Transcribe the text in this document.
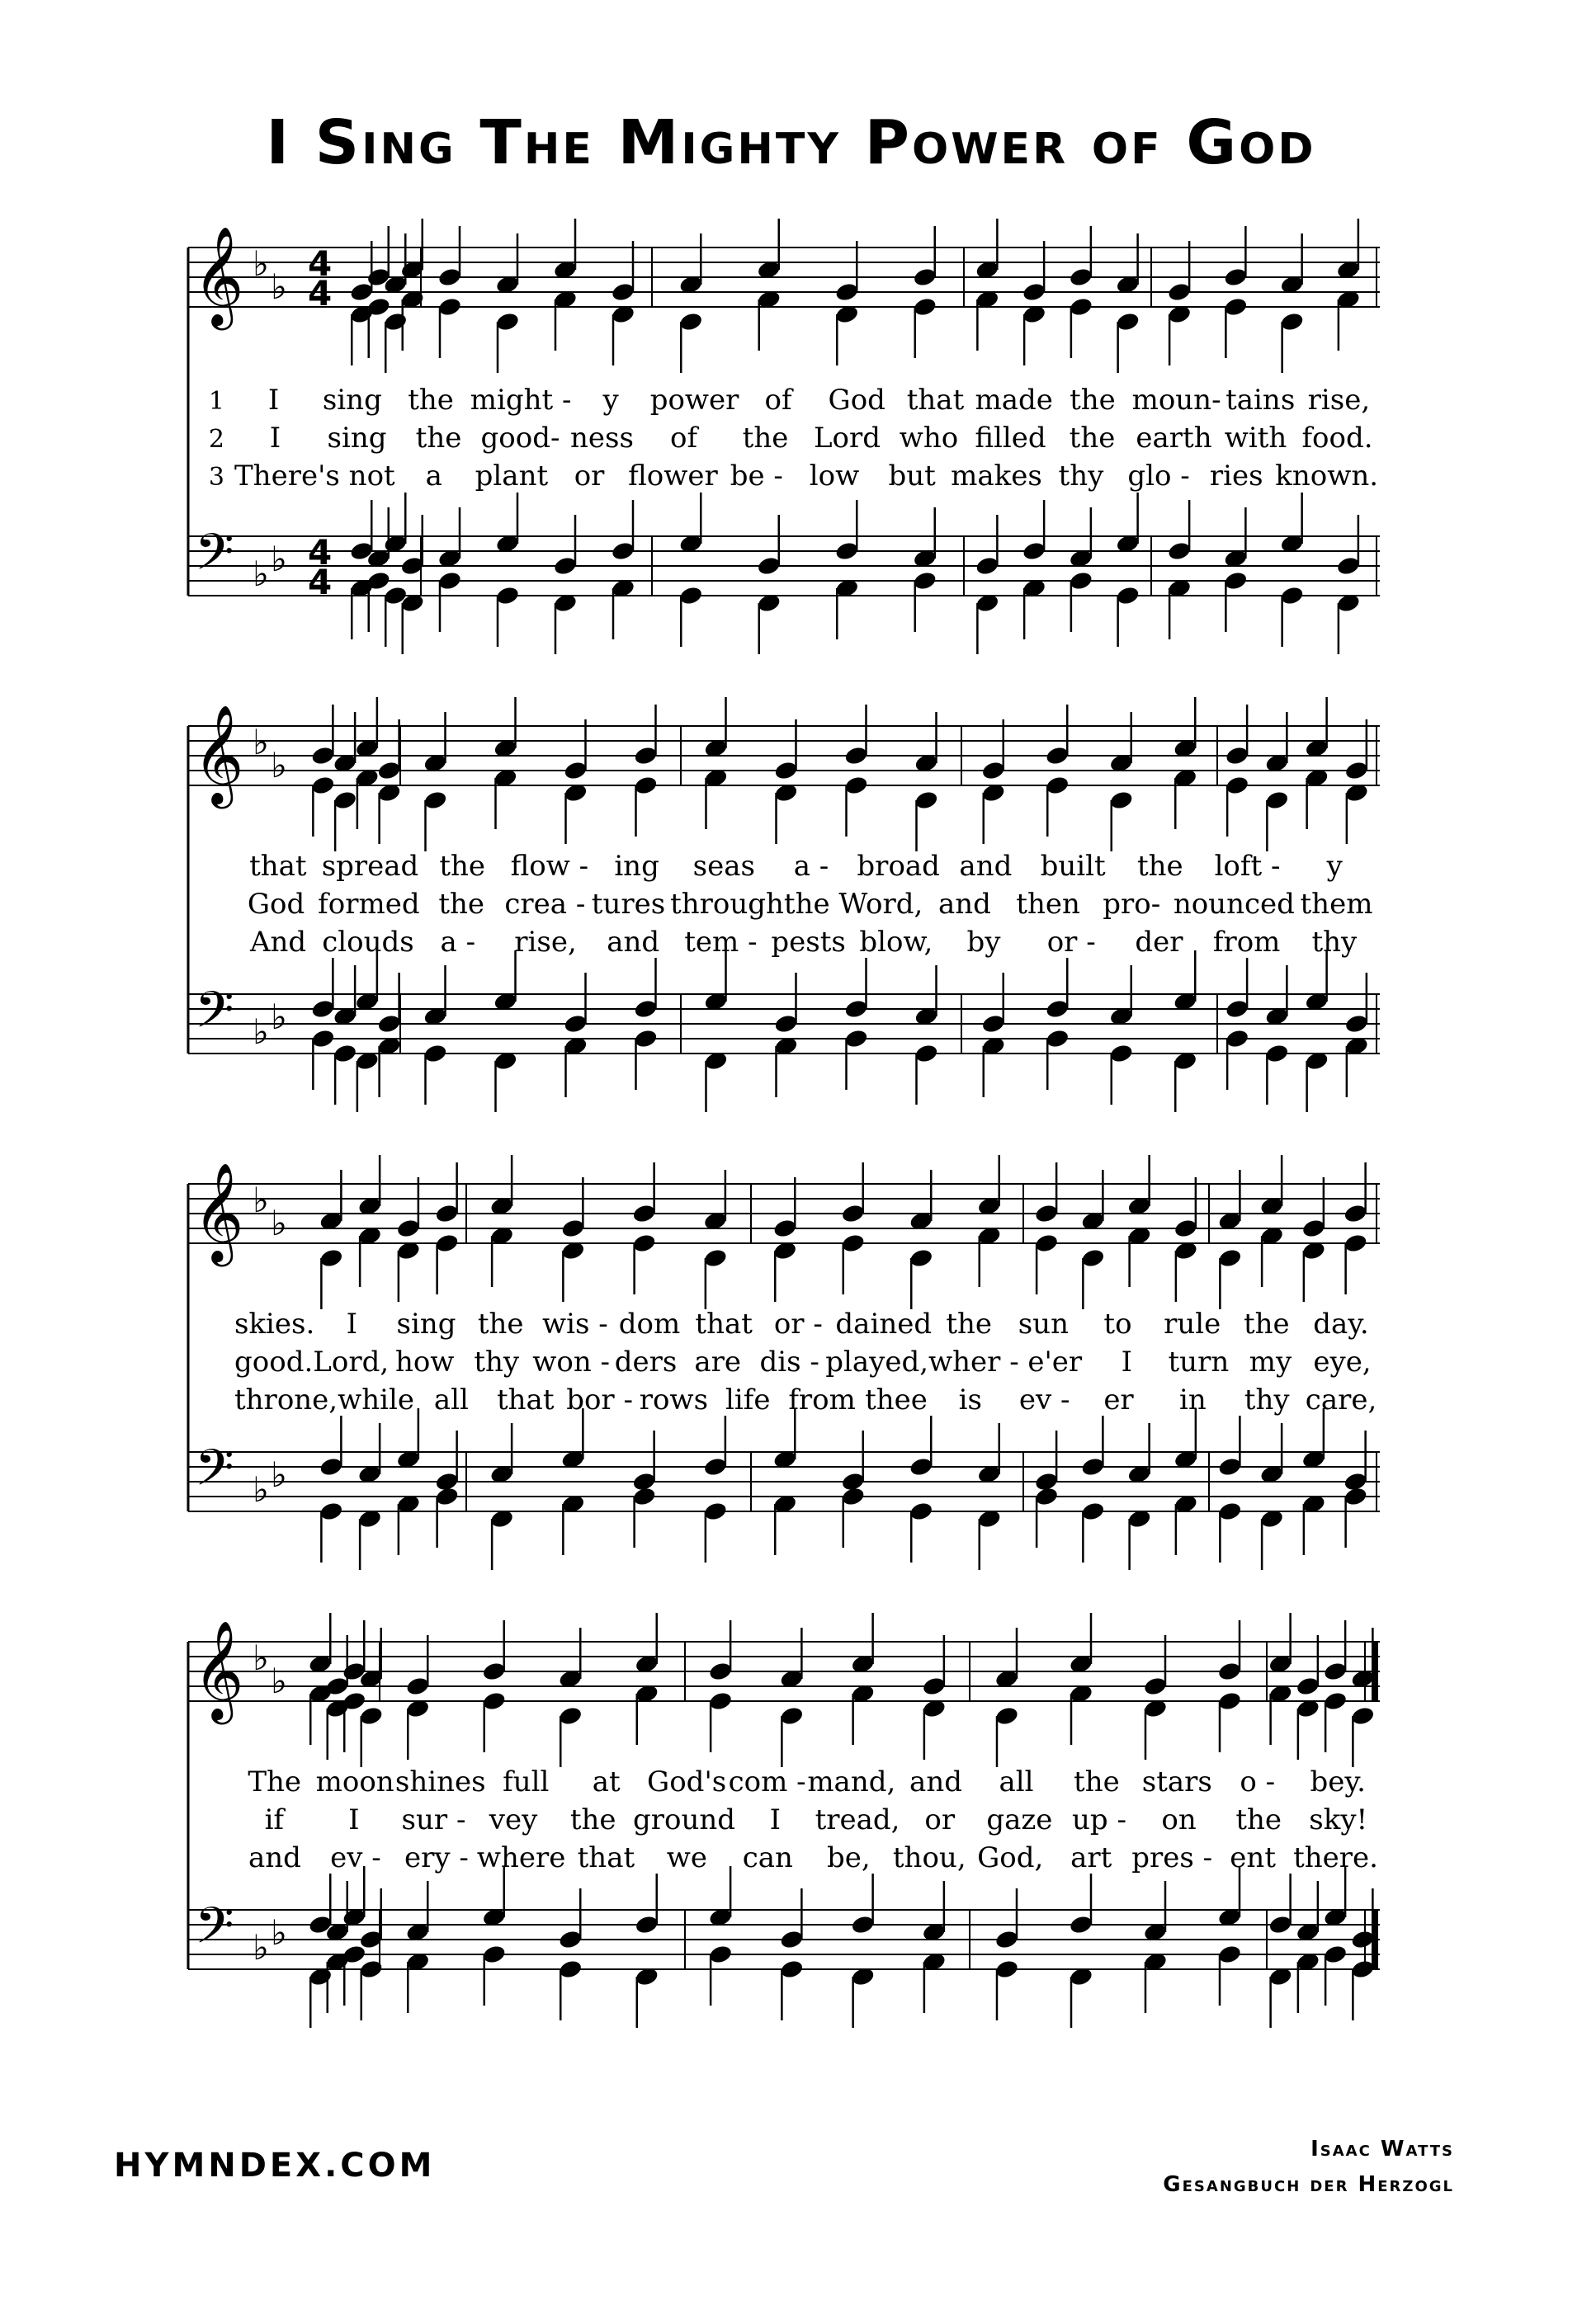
I Sing The Mighty Power of God
𝄞 ♭
♭
4
4
𝄢 ♭ ♭ 4
4
𝄞 ♭
♭
𝄢 ♭ ♭
𝄞 ♭
♭
𝄢 ♭ ♭
𝄞 ♭
♭
𝄢 ♭ ♭
1	I	sing the might -	y	power of	God that made the moun- tains rise,
2	I	sing	the good- ness	of	the Lord who filled the earth with food.
3 There's not	a	plant or flower be - low	but makes thy glo - ries known.
that spread the flow - ing	seas	a -	broad and	built	the	loft -	y
God formed the crea - tures through the Word, and then pro- nounced them
And clouds a -	rise,	and tem - pests blow,	by	or -	der	from	thy
skies.	I	sing the wis - dom that or - dained the sun	to	rule the day.
good. Lord, how thy won - ders are dis - played, wher - e'er	I	turn my eye,
throne, while all	that bor - rows life from thee	is	ev -	er	in	thy care,
The moon shines full	at God's com - mand, and	all	the stars o -	bey.
if	I	sur - vey	the ground	I	tread, or	gaze up -	on	the sky!
and	ev - ery - where that	we	can	be, thou, God, art pres - ent there.
HYMNDEX.COM	Isaac Watts
Gesangbuch der Herzogl
